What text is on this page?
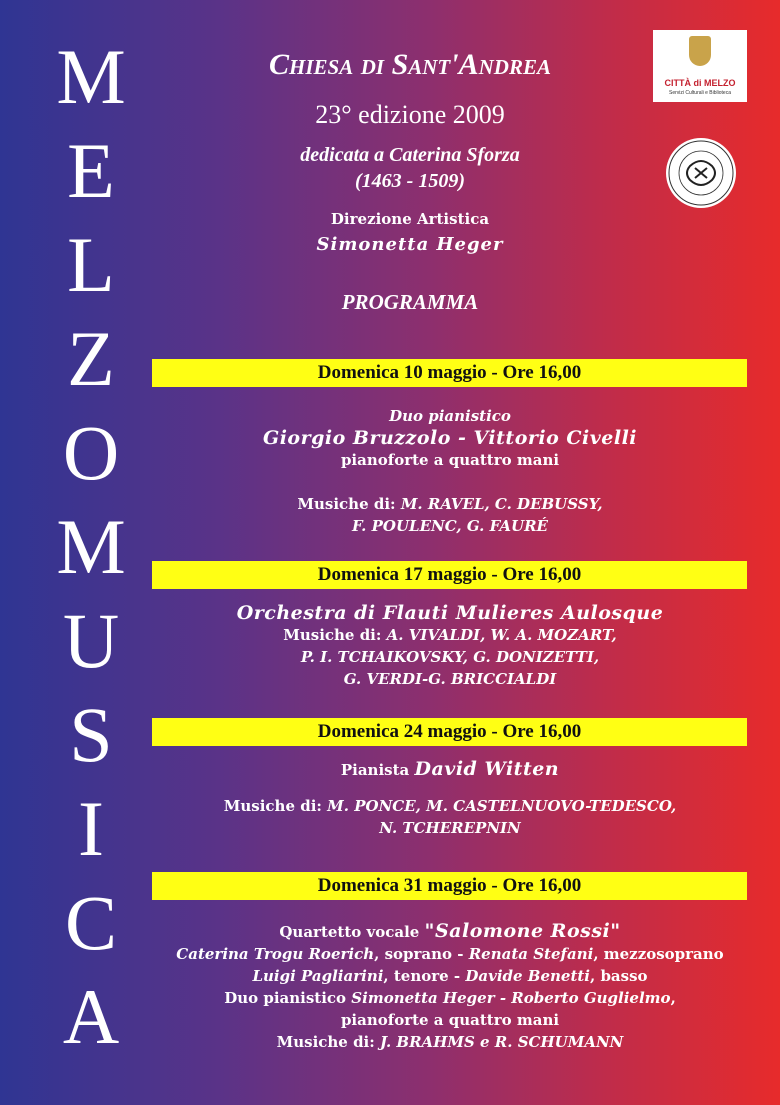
M
E
L
Z
O
M
U
S
I
C
A
Chiesa di Sant'Andrea
23° edizione 2009
dedicata a Caterina Sforza
(1463 - 1509)
Direzione Artistica
Simonetta Heger
PROGRAMMA
CITTÀ di MELZO
Servizi Culturali e Biblioteca
Domenica 10 maggio - Ore 16,00
Duo pianistico
Giorgio Bruzzolo - Vittorio Civelli
pianoforte a quattro mani
Musiche di: M. RAVEL, C. DEBUSSY,
F. POULENC, G. FAURÉ
Domenica 17 maggio - Ore 16,00
Orchestra di Flauti Mulieres Aulosque
Musiche di: A. VIVALDI, W. A. MOZART,
P. I. TCHAIKOVSKY, G. DONIZETTI,
G. VERDI-G. BRICCIALDI
Domenica 24 maggio - Ore 16,00
Pianista David Witten
Musiche di: M. PONCE, M. CASTELNUOVO-TEDESCO,
N. TCHEREPNIN
Domenica 31 maggio - Ore 16,00
Quartetto vocale "Salomone Rossi"
Caterina Trogu Roerich, soprano - Renata Stefani, mezzosoprano
Luigi Pagliarini, tenore - Davide Benetti, basso
Duo pianistico Simonetta Heger - Roberto Guglielmo,
pianoforte a quattro mani
Musiche di: J. BRAHMS e R. SCHUMANN
